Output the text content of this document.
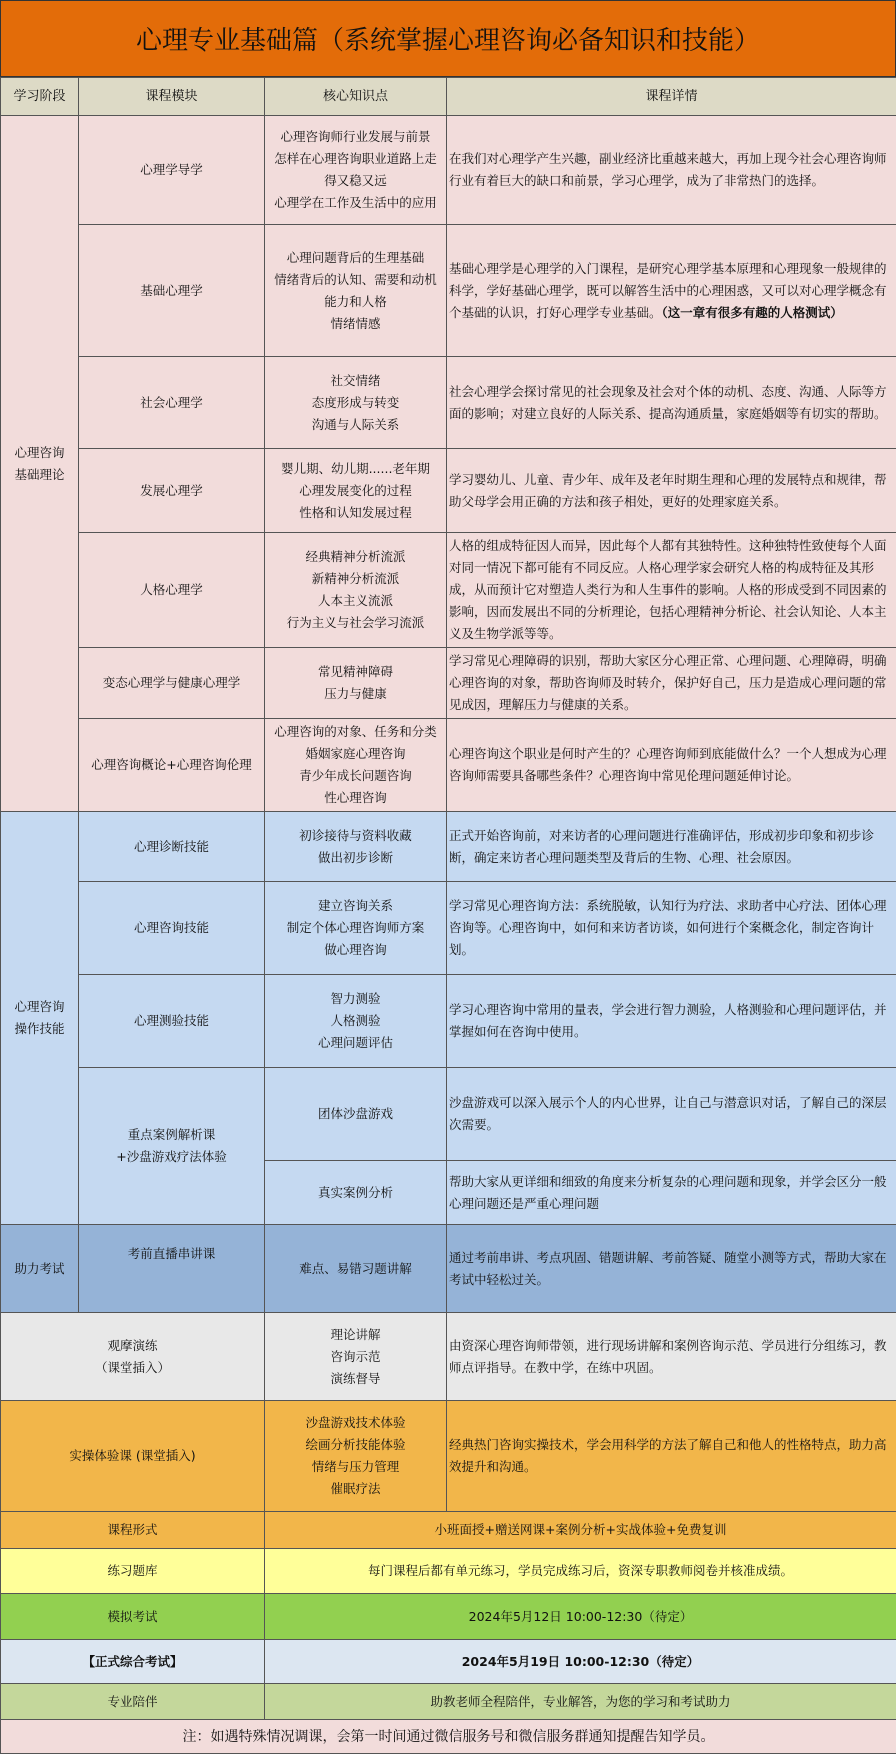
心理专业基础篇（系统掌握心理咨询必备知识和技能）
学习阶段	课程模块	核心知识点	课程详情

心理咨询
基础理论	心理学导学	心理咨询师行业发展与前景
怎样在心理咨询职业道路上走
得又稳又远
心理学在工作及生活中的应用	在我们对心理学产生兴趣，副业经济比重越来越大，再加上现今社会心理咨询师行业有着巨大的缺口和前景，学习心理学，成为了非常热门的选择。
	基础心理学	心理问题背后的生理基础
情绪背后的认知、需要和动机
能力和人格
情绪情感	基础心理学是心理学的入门课程，是研究心理学基本原理和心理现象一般规律的科学，学好基础心理学，既可以解答生活中的心理困惑，又可以对心理学概念有个基础的认识，打好心理学专业基础。（这一章有很多有趣的人格测试）
	社会心理学	社交情绪
态度形成与转变
沟通与人际关系	社会心理学会探讨常见的社会现象及社会对个体的动机、态度、沟通、人际等方面的影响；对建立良好的人际关系、提高沟通质量，家庭婚姻等有切实的帮助。
	发展心理学	婴儿期、幼儿期......老年期
心理发展变化的过程
性格和认知发展过程	学习婴幼儿、儿童、青少年、成年及老年时期生理和心理的发展特点和规律，帮助父母学会用正确的方法和孩子相处，更好的处理家庭关系。
	人格心理学	经典精神分析流派
新精神分析流派
人本主义流派
行为主义与社会学习流派	人格的组成特征因人而异，因此每个人都有其独特性。这种独特性致使每个人面对同一情况下都可能有不同反应。人格心理学家会研究人格的构成特征及其形成，从而预计它对塑造人类行为和人生事件的影响。人格的形成受到不同因素的影响，因而发展出不同的分析理论，包括心理精神分析论、社会认知论、人本主义及生物学派等等。
	变态心理学与健康心理学	常见精神障碍
压力与健康	学习常见心理障碍的识别，帮助大家区分心理正常、心理问题、心理障碍，明确心理咨询的对象，帮助咨询师及时转介，保护好自己，压力是造成心理问题的常见成因，理解压力与健康的关系。
	心理咨询概论+心理咨询伦理	心理咨询的对象、任务和分类
婚姻家庭心理咨询
青少年成长问题咨询
性心理咨询	心理咨询这个职业是何时产生的？心理咨询师到底能做什么？一个人想成为心理咨询师需要具备哪些条件？心理咨询中常见伦理问题延伸讨论。

心理咨询
操作技能	心理诊断技能	初诊接待与资料收藏
做出初步诊断	正式开始咨询前，对来访者的心理问题进行准确评估，形成初步印象和初步诊断，确定来访者心理问题类型及背后的生物、心理、社会原因。
	心理咨询技能	建立咨询关系
制定个体心理咨询师方案
做心理咨询	学习常见心理咨询方法：系统脱敏，认知行为疗法、求助者中心疗法、团体心理咨询等。心理咨询中，如何和来访者访谈，如何进行个案概念化，制定咨询计划。
	心理测验技能	智力测验
人格测验
心理问题评估	学习心理咨询中常用的量表，学会进行智力测验，人格测验和心理问题评估，并掌握如何在咨询中使用。

	重点案例解析课
+沙盘游戏疗法体验	团体沙盘游戏	沙盘游戏可以深入展示个人的内心世界，让自己与潜意识对话，了解自己的深层次需要。
		真实案例分析	帮助大家从更详细和细致的角度来分析复杂的心理问题和现象，并学会区分一般心理问题还是严重心理问题
助力考试	考前直播串讲课	难点、易错习题讲解	通过考前串讲、考点巩固、错题讲解、考前答疑、随堂小测等方式，帮助大家在考试中轻松过关。

观摩演练
（课堂插入）		理论讲解
咨询示范
演练督导	由资深心理咨询师带领，进行现场讲解和案例咨询示范、学员进行分组练习，教师点评指导。在教中学，在练中巩固。
实操体验课 (课堂插入)		沙盘游戏技术体验
绘画分析技能体验
情绪与压力管理
催眠疗法	经典热门咨询实操技术，学会用科学的方法了解自己和他人的性格特点，助力高效提升和沟通。
课程形式		小班面授+赠送网课+案例分析+实战体验+免费复训	
练习题库		每门课程后都有单元练习，学员完成练习后，资深专职教师阅卷并核准成绩。	
模拟考试		2024年5月12日 10:00-12:30（待定）	
【正式综合考试】		2024年5月19日 10:00-12:30（待定）	
专业陪伴		助教老师全程陪伴，专业解答，为您的学习和考试助力	
注：如遇特殊情况调课，会第一时间通过微信服务号和微信服务群通知提醒告知学员。			
